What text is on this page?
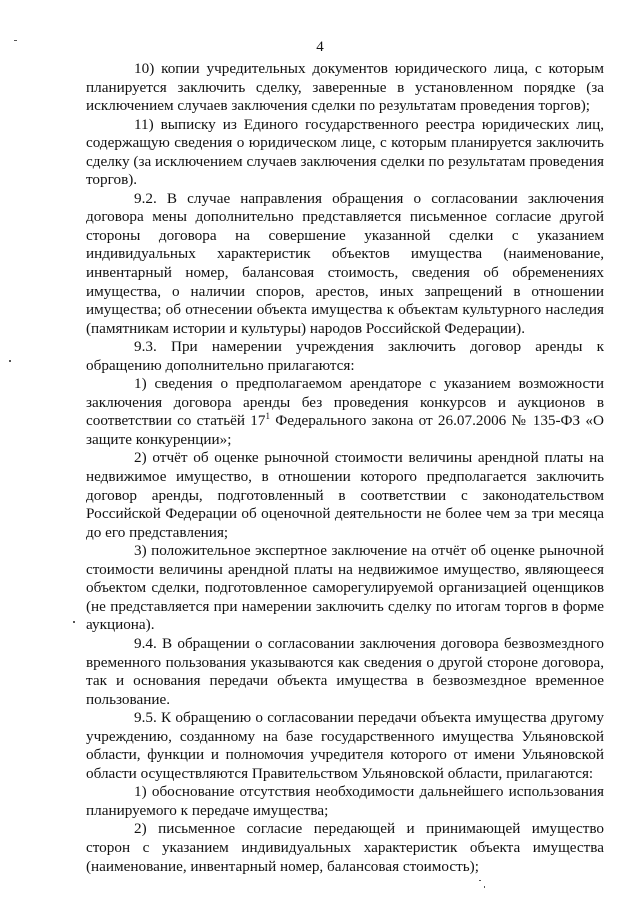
4

10) копии учредительных документов юридического лица, с которым планируется заключить сделку, заверенные в установленном порядке (за исключением случаев заключения сделки по результатам проведения торгов);

11) выписку из Единого государственного реестра юридических лиц, содержащую сведения о юридическом лице, с которым планируется заключить сделку (за исключением случаев заключения сделки по результатам проведения торгов).

9.2. В случае направления обращения о согласовании заключения договора мены дополнительно представляется письменное согласие другой стороны договора на совершение указанной сделки с указанием индивидуальных характеристик объектов имущества (наименование, инвентарный номер, балансовая стоимость, сведения об обременениях имущества, о наличии споров, арестов, иных запрещений в отношении имущества; об отнесении объекта имущества к объектам культурного наследия (памятникам истории и культуры) народов Российской Федерации).

9.3. При намерении учреждения заключить договор аренды к обращению дополнительно прилагаются:

1) сведения о предполагаемом арендаторе с указанием возможности заключения договора аренды без проведения конкурсов и аукционов в соответствии со статьёй $17^1$ Федерального закона от 26.07.2006 № 135-ФЗ «О защите конкуренции»;

2) отчёт об оценке рыночной стоимости величины арендной платы на недвижимое имущество, в отношении которого предполагается заключить договор аренды, подготовленный в соответствии с законодательством Российской Федерации об оценочной деятельности не более чем за три месяца до его представления;

3) положительное экспертное заключение на отчёт об оценке рыночной стоимости величины арендной платы на недвижимое имущество, являющееся объектом сделки, подготовленное саморегулируемой организацией оценщиков (не представляется при намерении заключить сделку по итогам торгов в форме аукциона).

9.4. В обращении о согласовании заключения договора безвозмездного временного пользования указываются как сведения о другой стороне договора, так и основания передачи объекта имущества в безвозмездное временное пользование.

9.5. К обращению о согласовании передачи объекта имущества другому учреждению, созданному на базе государственного имущества Ульяновской области, функции и полномочия учредителя которого от имени Ульяновской области осуществляются Правительством Ульяновской области, прилагаются:

1) обоснование отсутствия необходимости дальнейшего использования планируемого к передаче имущества;

2) письменное согласие передающей и принимающей имущество сторон с указанием индивидуальных характеристик объекта имущества (наименование, инвентарный номер, балансовая стоимость);
